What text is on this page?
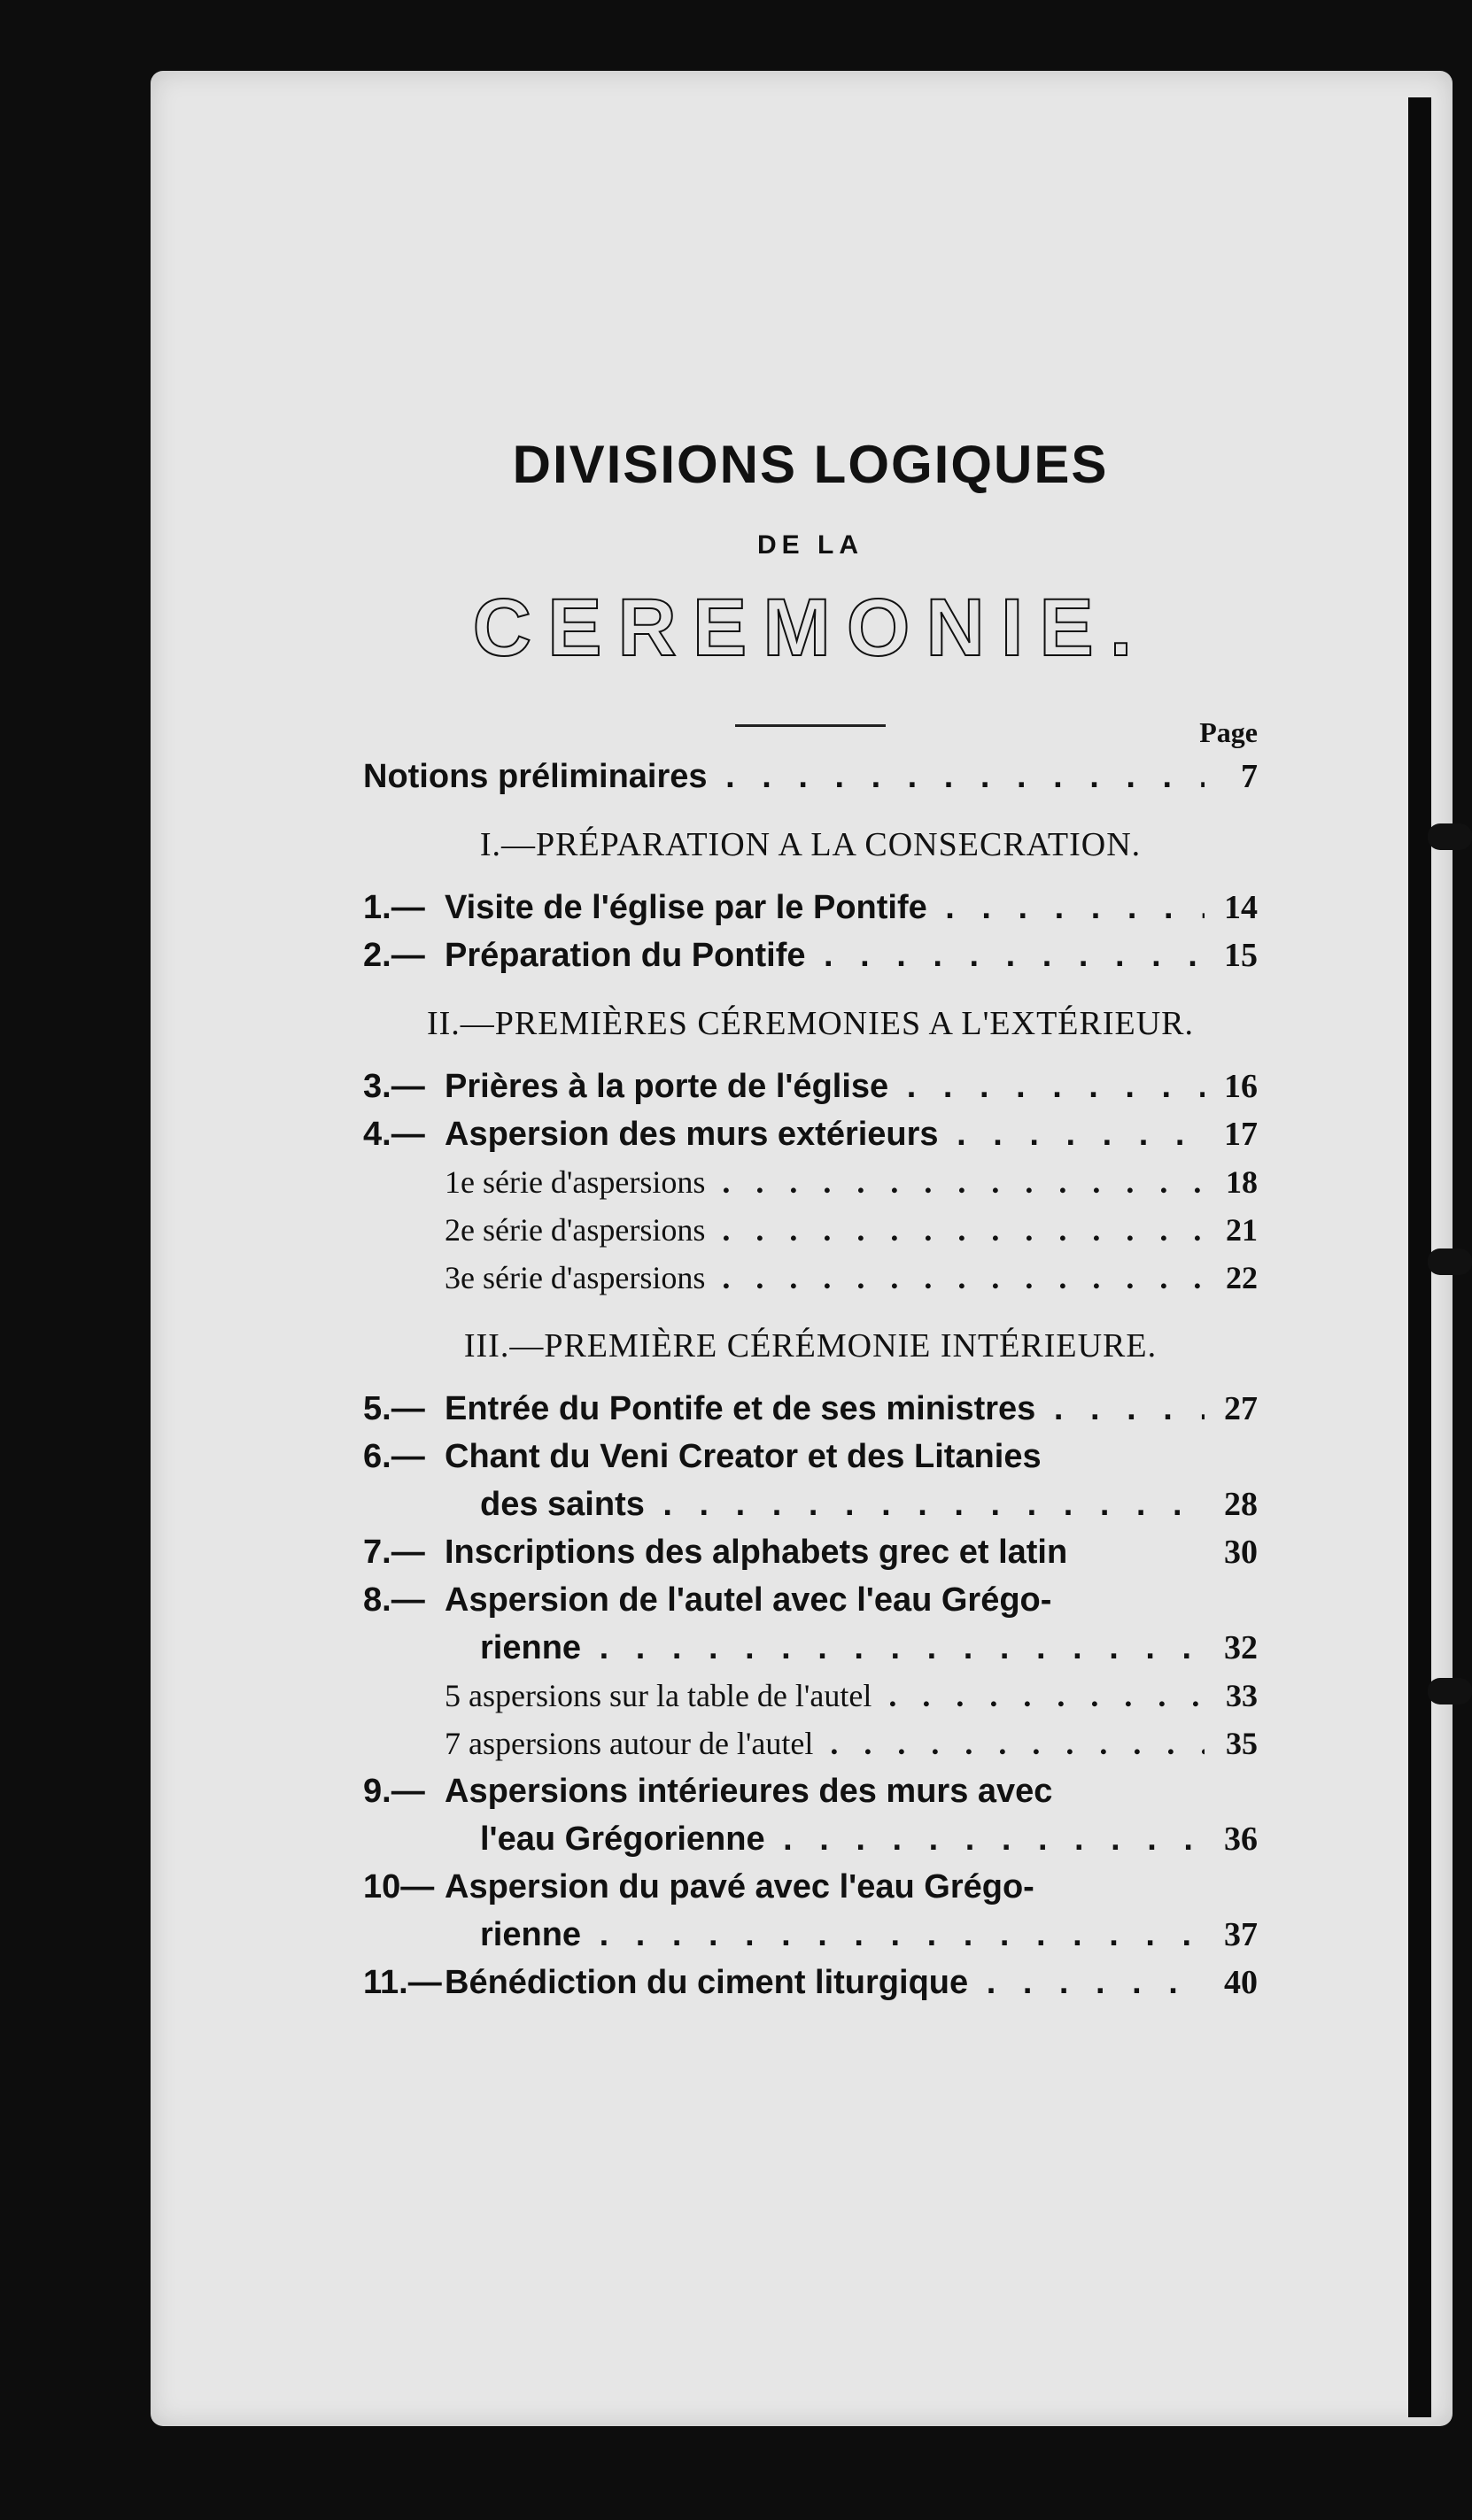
DIVISIONS LOGIQUES
DE LA
CEREMONIE.
Page
Notions préliminaires . . .	7
I.—PRÉPARATION A LA CONSECRATION.
1.— Visite de l'église par le Pontife . . .	14
2.— Préparation du Pontife . . .	15
II.—PREMIÈRES CÉREMONIES A L'EXTÉRIEUR.
3.— Prières à la porte de l'église . . .	16
4.— Aspersion des murs extérieurs . . .	17
1e série d'aspersions . . .	18
2e série d'aspersions . . .	21
3e série d'aspersions . . .	22
III.—PREMIÈRE CÉRÉMONIE INTÉRIEURE.
5.— Entrée du Pontife et de ses ministres . . .	27
6.— Chant du Veni Creator et des Litanies
des saints . . .	28
7.— Inscriptions des alphabets grec et latin	30
8.— Aspersion de l'autel avec l'eau Grégo-
rienne . . .	32
5 aspersions sur la table de l'autel . . .	33
7 aspersions autour de l'autel . . .	35
9.— Aspersions intérieures des murs avec
l'eau Grégorienne . . .	36
10— Aspersion du pavé avec l'eau Grégo-
rienne . . .	37
11.— Bénédiction du ciment liturgique . . .	40
